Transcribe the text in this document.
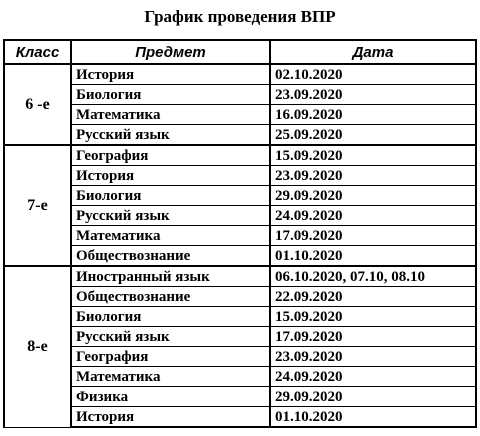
График проведения ВПР
Класс	Предмет	Дата
6 -е	История	02.10.2020
	Биология	23.09.2020
	Математика	16.09.2020
	Русский язык	25.09.2020
7-е	География	15.09.2020
	История	23.09.2020
	Биология	29.09.2020
	Русский язык	24.09.2020
	Математика	17.09.2020
	Обществознание	01.10.2020
8-е	Иностранный язык	06.10.2020, 07.10, 08.10
	Обществознание	22.09.2020
	Биология	15.09.2020
	Русский язык	17.09.2020
	География	23.09.2020
	Математика	24.09.2020
	Физика	29.09.2020
	История	01.10.2020
